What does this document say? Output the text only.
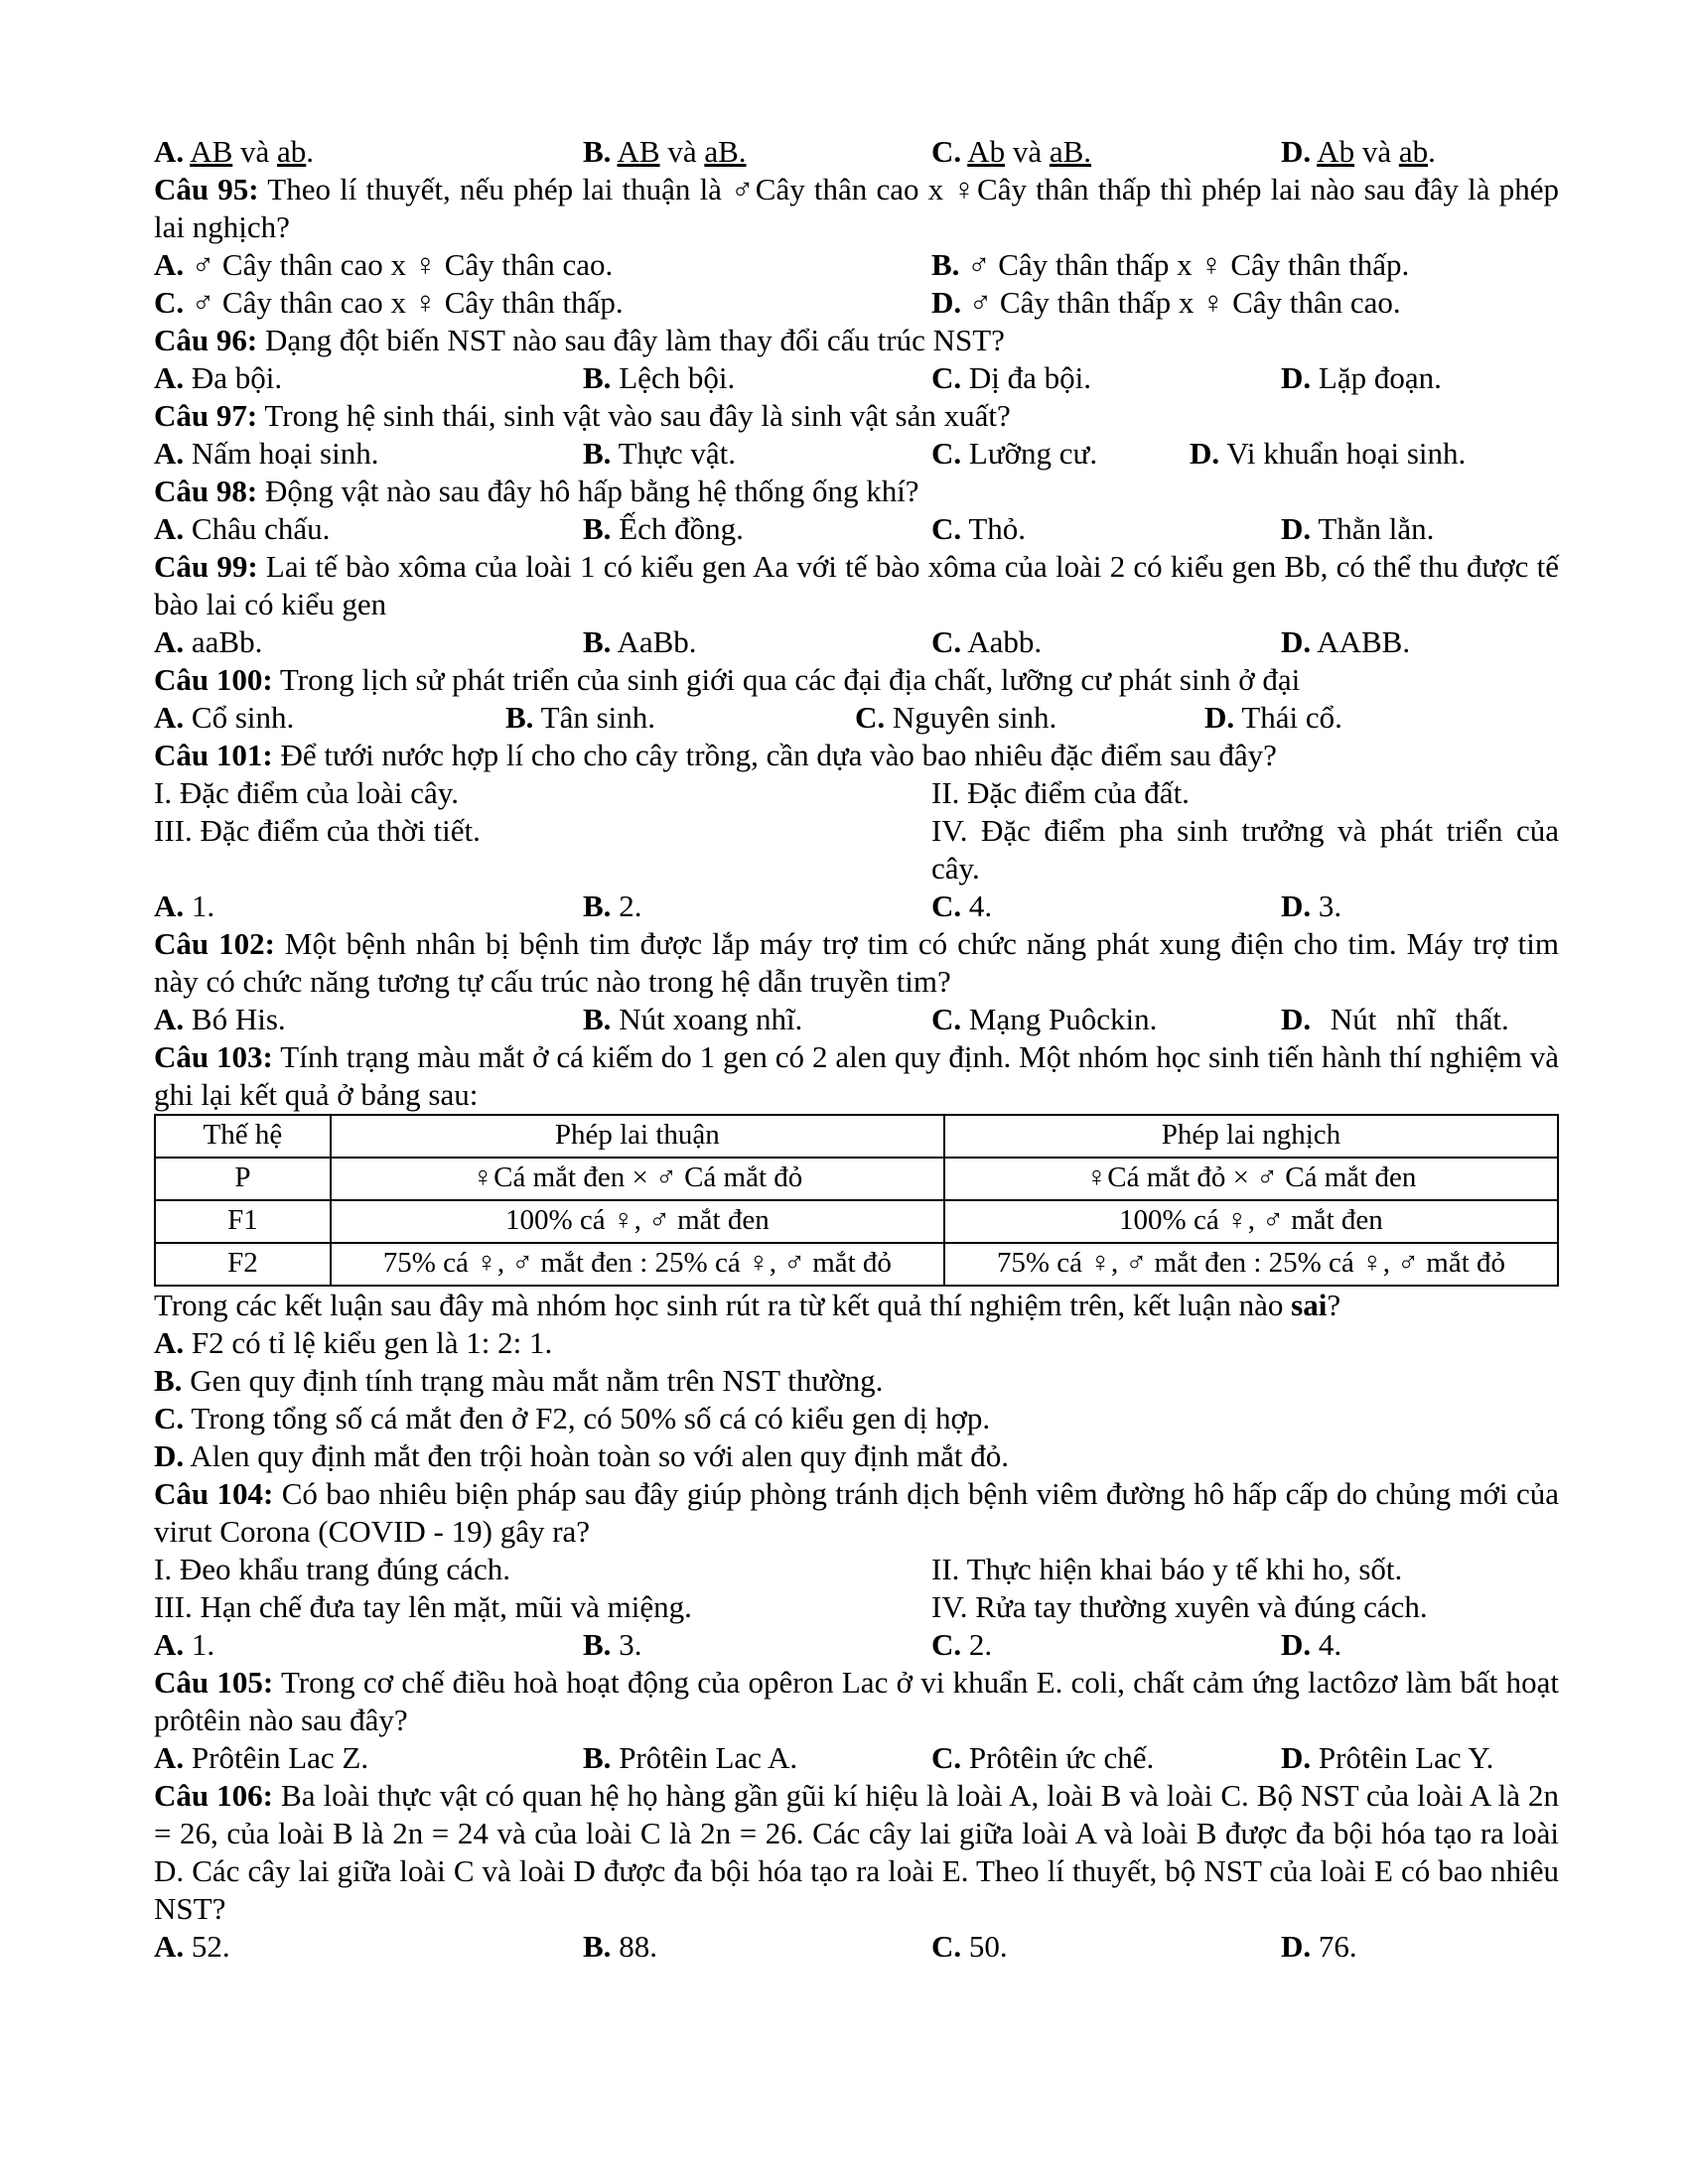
A. AB và ab.	B. AB và aB.	C. Ab và aB.	D. Ab và ab.
Câu 95: Theo lí thuyết, nếu phép lai thuận là ♂Cây thân cao x ♀Cây thân thấp thì phép lai nào sau đây là phép lai nghịch?
A. ♂ Cây thân cao x ♀ Cây thân cao.	B. ♂ Cây thân thấp x ♀ Cây thân thấp.
C. ♂ Cây thân cao x ♀ Cây thân thấp.	D. ♂ Cây thân thấp x ♀ Cây thân cao.
Câu 96: Dạng đột biến NST nào sau đây làm thay đổi cấu trúc NST?
A. Đa bội.	B. Lệch bội.	C. Dị đa bội.	D. Lặp đoạn.
Câu 97: Trong hệ sinh thái, sinh vật vào sau đây là sinh vật sản xuất?
A. Nấm hoại sinh.	B. Thực vật.	C. Lưỡng cư.	D. Vi khuẩn hoại sinh.
Câu 98: Động vật nào sau đây hô hấp bằng hệ thống ống khí?
A. Châu chấu.	B. Ếch đồng.	C. Thỏ.	D. Thằn lằn.
Câu 99: Lai tế bào xôma của loài 1 có kiểu gen Aa với tế bào xôma của loài 2 có kiểu gen Bb, có thể thu được tế bào lai có kiểu gen
A. aaBb.	B. AaBb.	C. Aabb.	D. AABB.
Câu 100: Trong lịch sử phát triển của sinh giới qua các đại địa chất, lưỡng cư phát sinh ở đại
A. Cổ sinh.	B. Tân sinh.	C. Nguyên sinh.	D. Thái cổ.
Câu 101: Để tưới nước hợp lí cho cho cây trồng, cần dựa vào bao nhiêu đặc điểm sau đây?
I. Đặc điểm của loài cây.	II. Đặc điểm của đất.
III. Đặc điểm của thời tiết.	IV. Đặc điểm pha sinh trưởng và phát triển của cây.
A. 1.	B. 2.	C. 4.	D. 3.
Câu 102: Một bệnh nhân bị bệnh tim được lắp máy trợ tim có chức năng phát xung điện cho tim. Máy trợ tim này có chức năng tương tự cấu trúc nào trong hệ dẫn truyền tim?
A. Bó His.	B. Nút xoang nhĩ.	C. Mạng Puôckin.	D. Nút nhĩ thất.
Câu 103: Tính trạng màu mắt ở cá kiếm do 1 gen có 2 alen quy định. Một nhóm học sinh tiến hành thí nghiệm và ghi lại kết quả ở bảng sau:
Thế hệ	Phép lai thuận	Phép lai nghịch
P	♀Cá mắt đen × ♂ Cá mắt đỏ	♀Cá mắt đỏ × ♂ Cá mắt đen
F1	100% cá ♀, ♂ mắt đen	100% cá ♀, ♂ mắt đen
F2	75% cá ♀, ♂ mắt đen : 25% cá ♀, ♂ mắt đỏ	75% cá ♀, ♂ mắt đen : 25% cá ♀, ♂ mắt đỏ
Trong các kết luận sau đây mà nhóm học sinh rút ra từ kết quả thí nghiệm trên, kết luận nào sai?
A. F2 có tỉ lệ kiểu gen là 1: 2: 1.
B. Gen quy định tính trạng màu mắt nằm trên NST thường.
C. Trong tổng số cá mắt đen ở F2, có 50% số cá có kiểu gen dị hợp.
D. Alen quy định mắt đen trội hoàn toàn so với alen quy định mắt đỏ.
Câu 104: Có bao nhiêu biện pháp sau đây giúp phòng tránh dịch bệnh viêm đường hô hấp cấp do chủng mới của virut Corona (COVID - 19) gây ra?
I. Đeo khẩu trang đúng cách.	II. Thực hiện khai báo y tế khi ho, sốt.
III. Hạn chế đưa tay lên mặt, mũi và miệng.	IV. Rửa tay thường xuyên và đúng cách.
A. 1.	B. 3.	C. 2.	D. 4.
Câu 105: Trong cơ chế điều hoà hoạt động của opêron Lac ở vi khuẩn E. coli, chất cảm ứng lactôzơ làm bất hoạt prôtêin nào sau đây?
A. Prôtêin Lac Z.	B. Prôtêin Lac A.	C. Prôtêin ức chế.	D. Prôtêin Lac Y.
Câu 106: Ba loài thực vật có quan hệ họ hàng gần gũi kí hiệu là loài A, loài B và loài C. Bộ NST của loài A là 2n = 26, của loài B là 2n = 24 và của loài C là 2n = 26. Các cây lai giữa loài A và loài B được đa bội hóa tạo ra loài D. Các cây lai giữa loài C và loài D được đa bội hóa tạo ra loài E. Theo lí thuyết, bộ NST của loài E có bao nhiêu NST?
A. 52.	B. 88.	C. 50.	D. 76.
